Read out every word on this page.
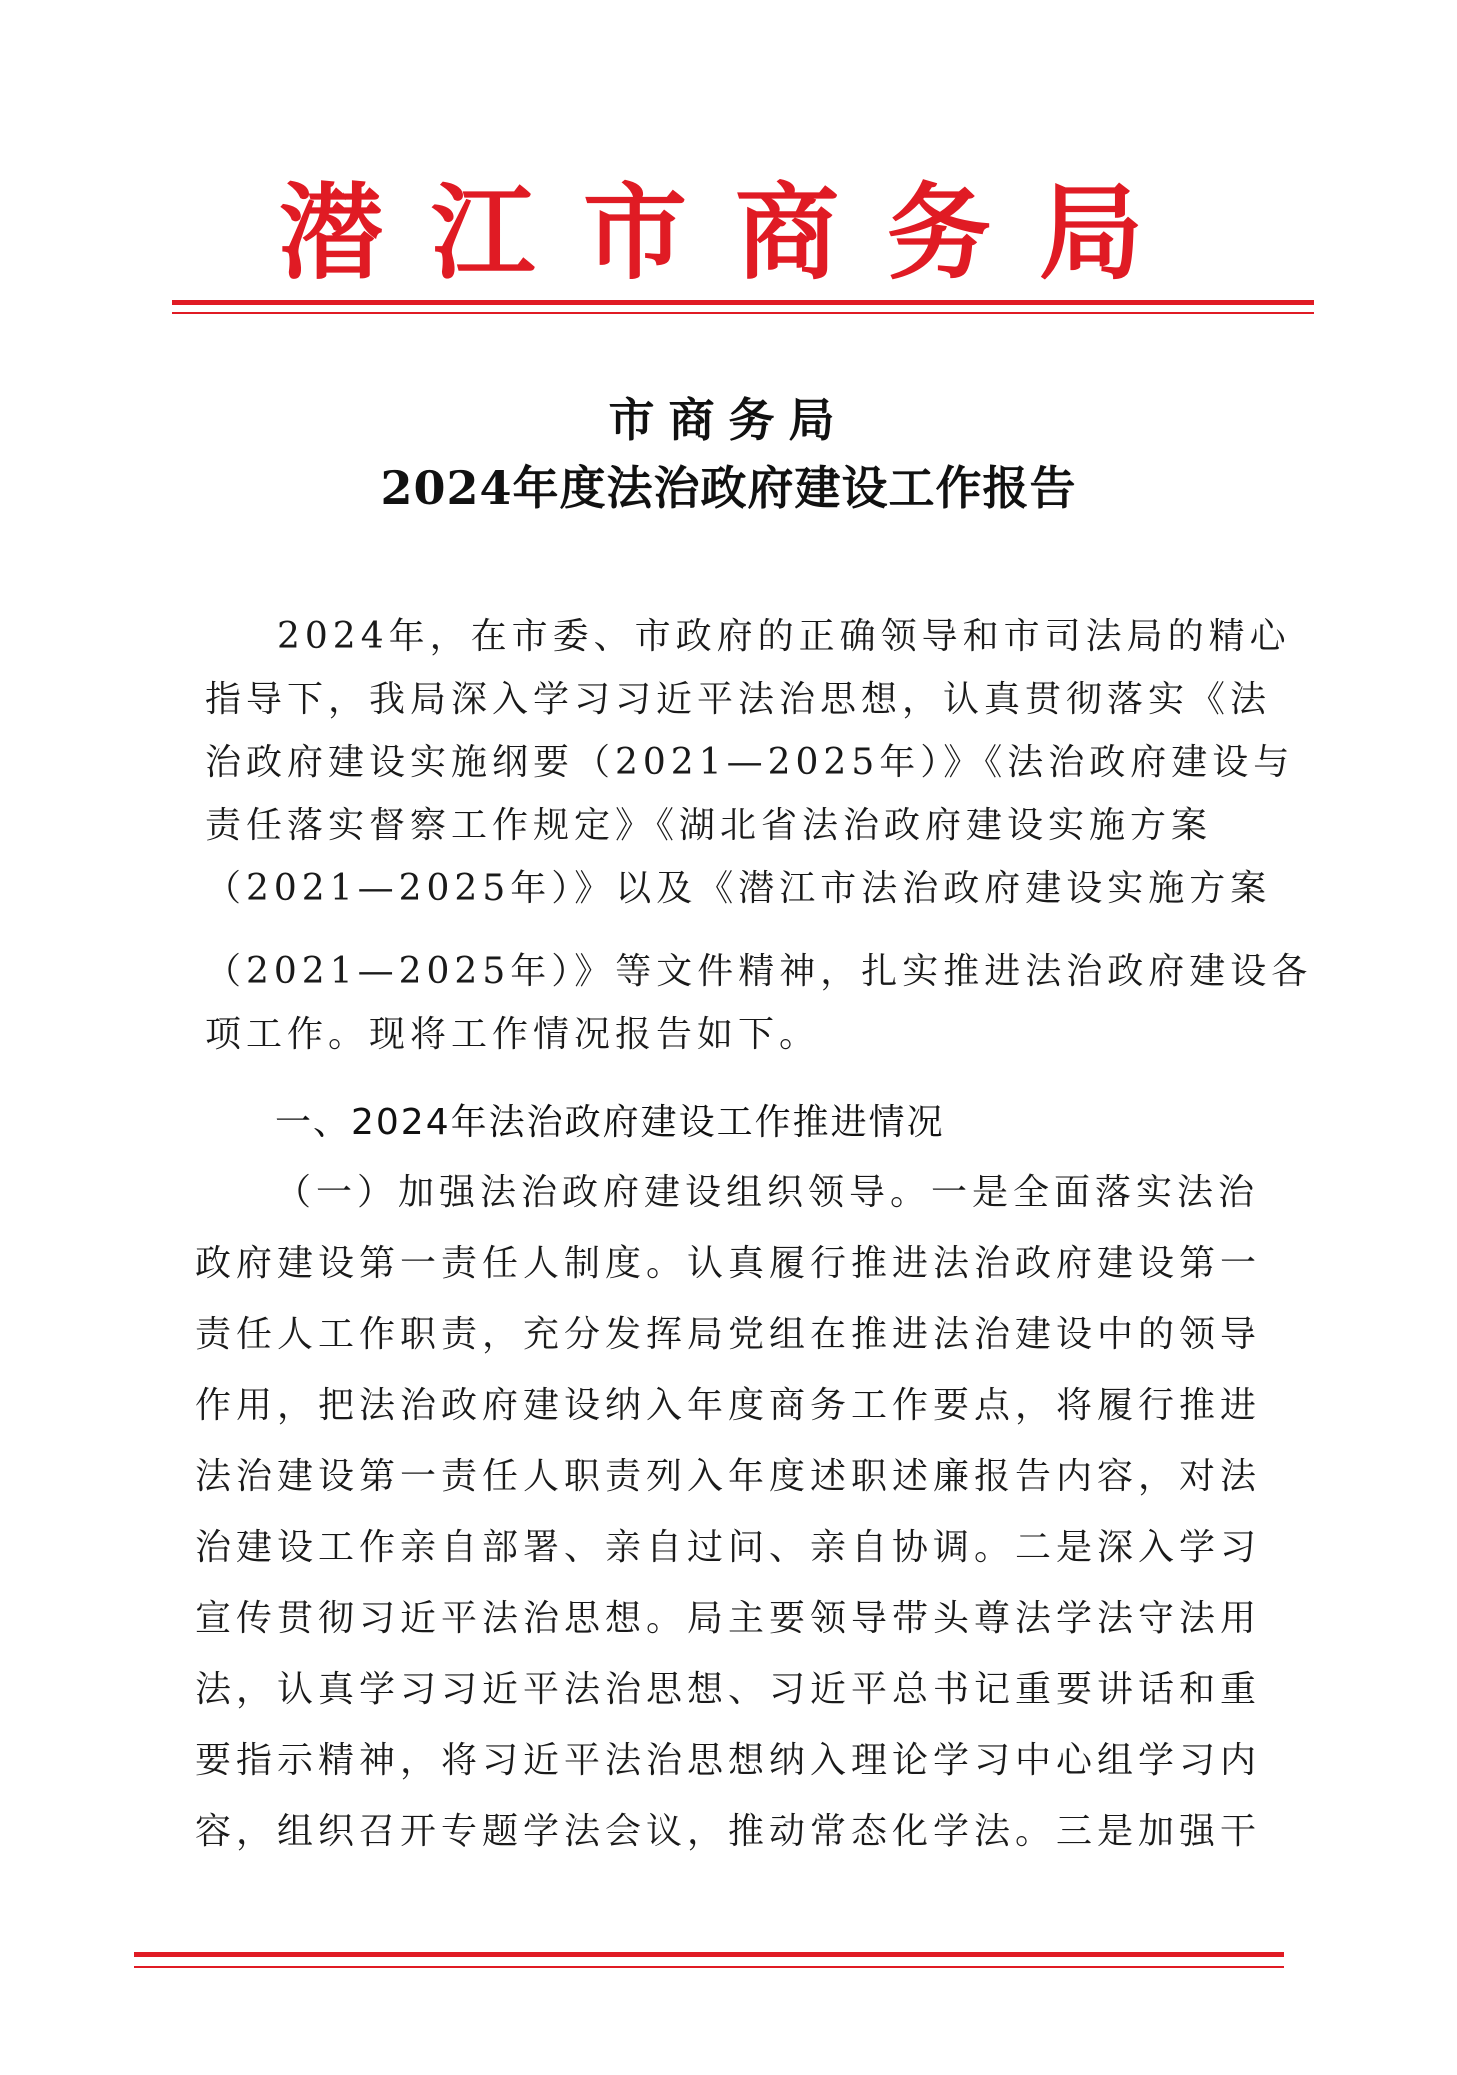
潜江市商务局
市商务局
2024年度法治政府建设工作报告
2024年，在市委、市政府的正确领导和市司法局的精心
指导下，我局深入学习习近平法治思想，认真贯彻落实《法
治政府建设实施纲要（2021—2025年）》《法治政府建设与
责任落实督察工作规定》《湖北省法治政府建设实施方案
（2021—2025年）》以及《潜江市法治政府建设实施方案
（2021—2025年）》等文件精神，扎实推进法治政府建设各
项工作。现将工作情况报告如下。
一、2024年法治政府建设工作推进情况
（一）加强法治政府建设组织领导。一是全面落实法治
政府建设第一责任人制度。认真履行推进法治政府建设第一
责任人工作职责，充分发挥局党组在推进法治建设中的领导
作用，把法治政府建设纳入年度商务工作要点，将履行推进
法治建设第一责任人职责列入年度述职述廉报告内容，对法
治建设工作亲自部署、亲自过问、亲自协调。二是深入学习
宣传贯彻习近平法治思想。局主要领导带头尊法学法守法用
法，认真学习习近平法治思想、习近平总书记重要讲话和重
要指示精神，将习近平法治思想纳入理论学习中心组学习内
容，组织召开专题学法会议，推动常态化学法。三是加强干
